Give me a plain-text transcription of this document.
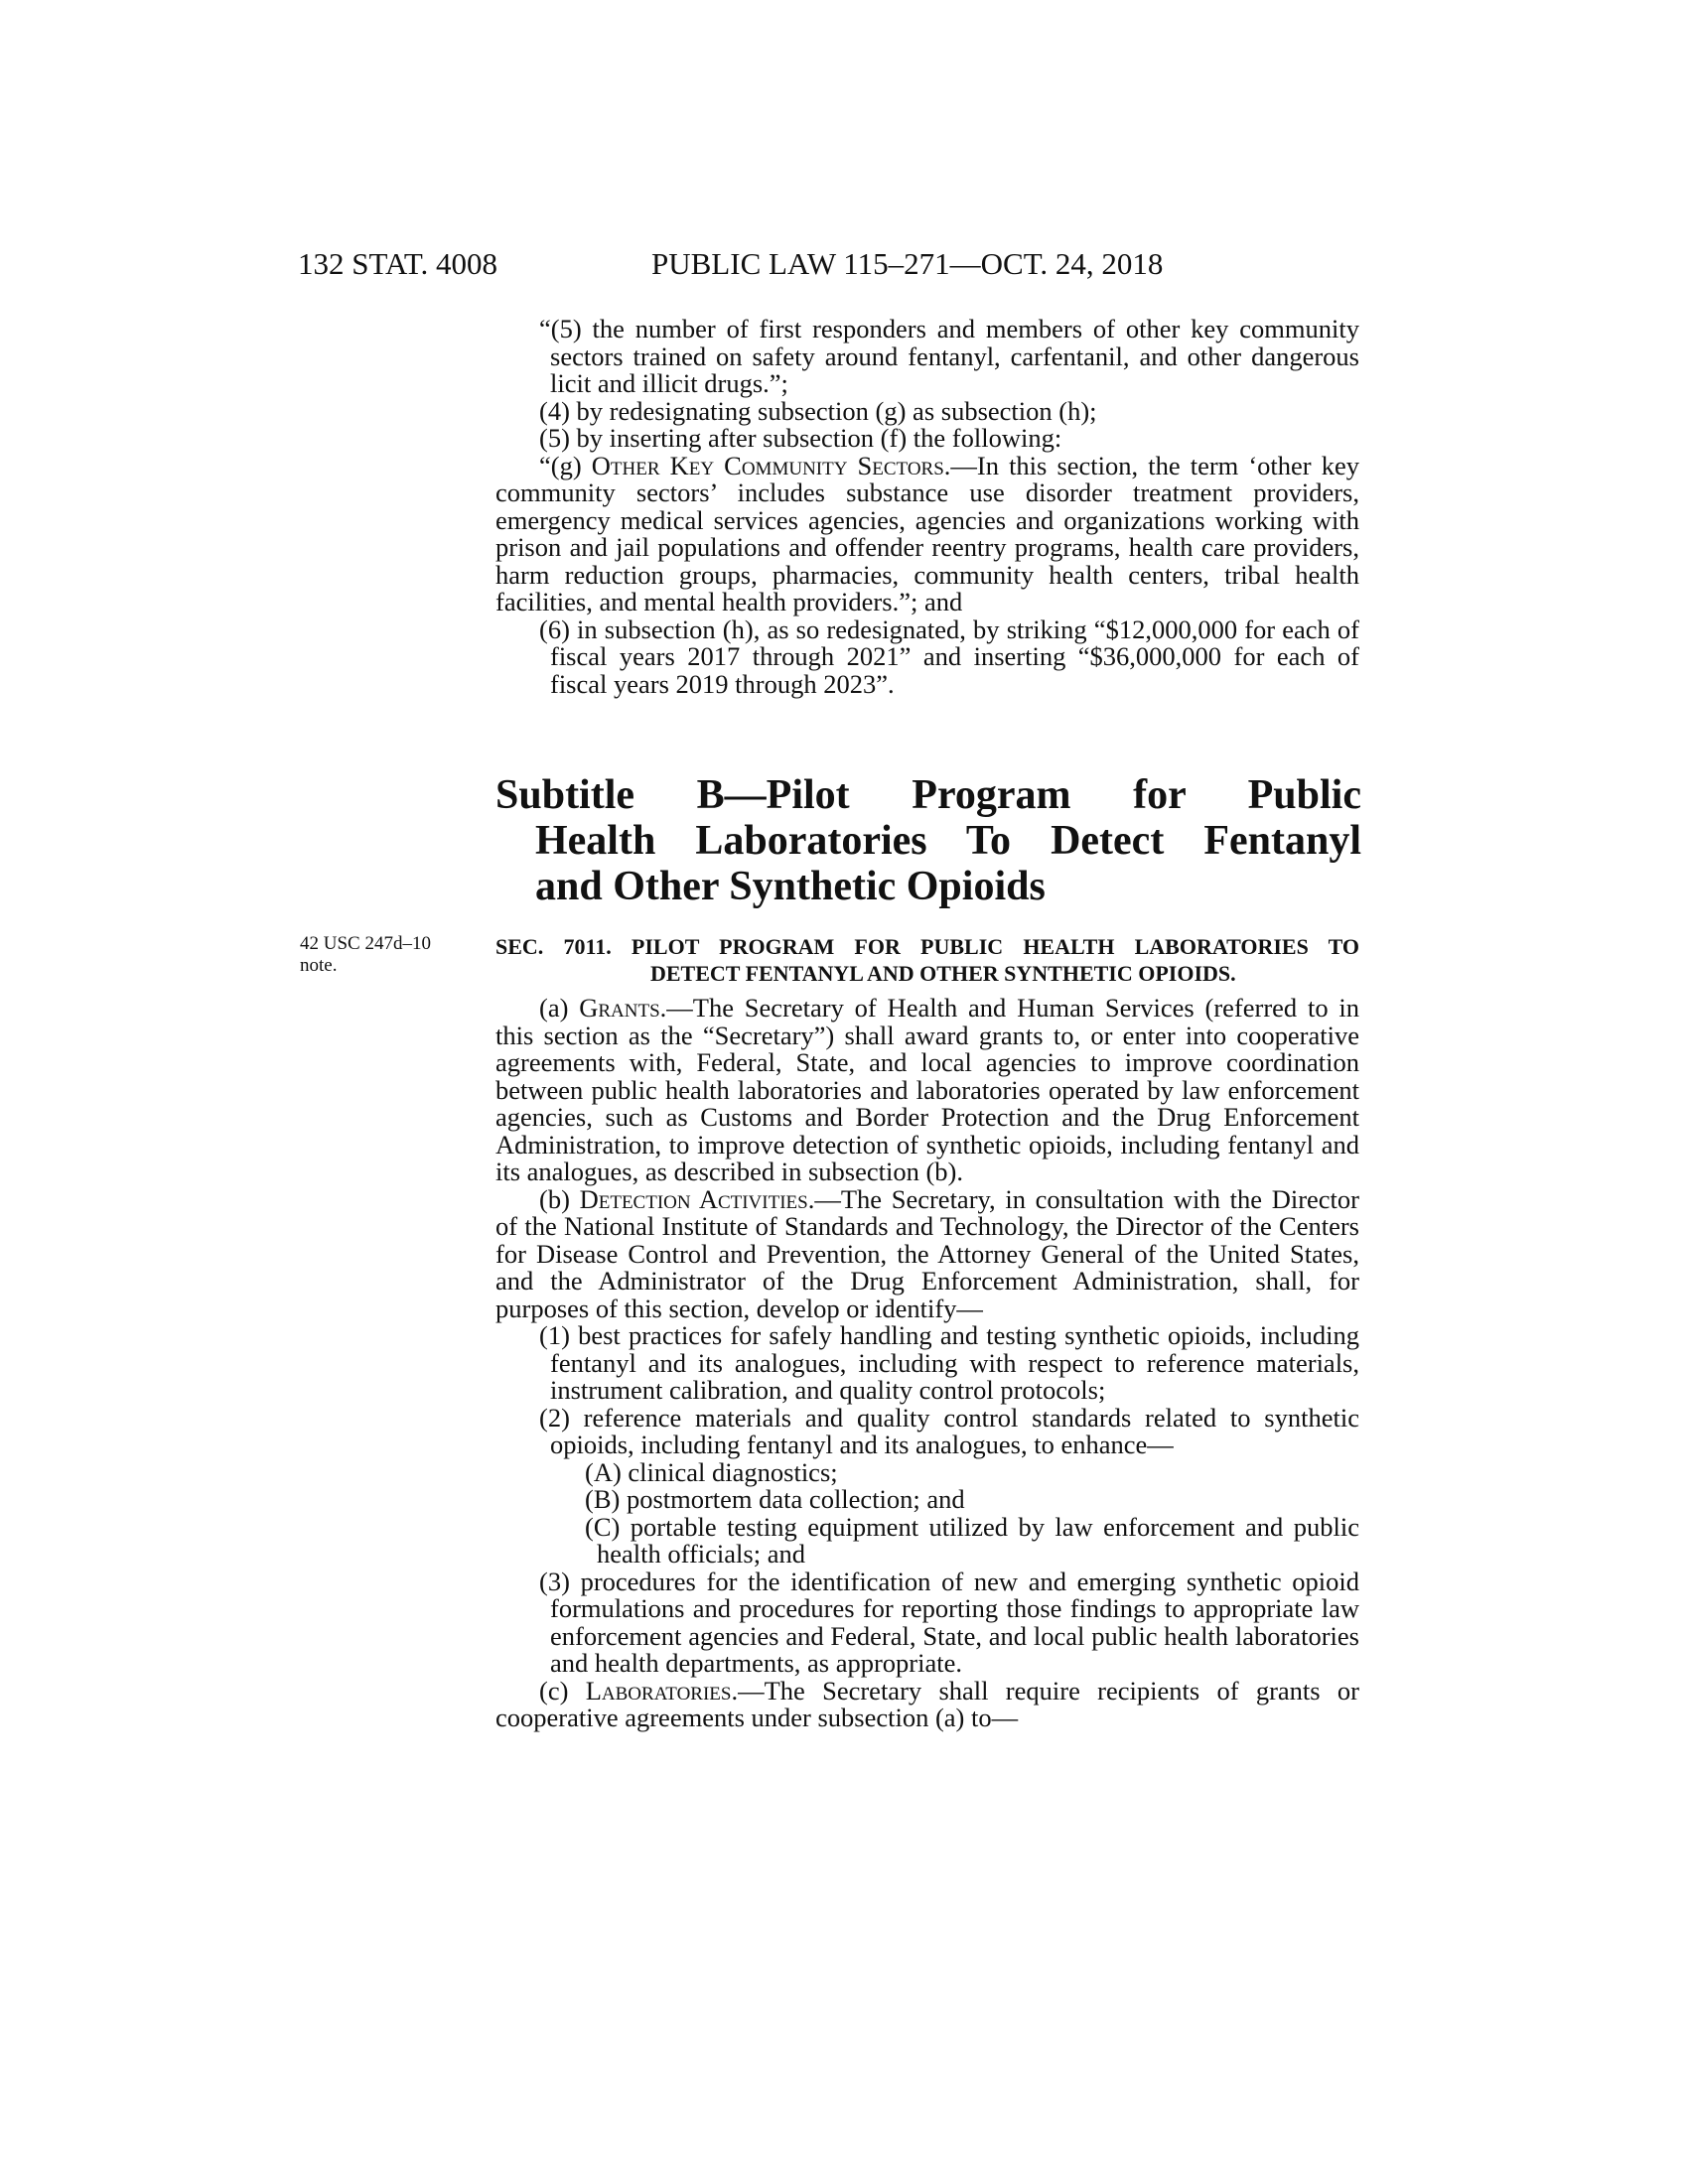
132 STAT. 4008	PUBLIC LAW 115–271—OCT. 24, 2018

“(5) the number of first responders and members of other key community sectors trained on safety around fentanyl, carfentanil, and other dangerous licit and illicit drugs.”;

(4) by redesignating subsection (g) as subsection (h);

(5) by inserting after subsection (f) the following:

“(g) Other Key Community Sectors.—In this section, the term ‘other key community sectors’ includes substance use disorder treatment providers, emergency medical services agencies, agencies and organizations working with prison and jail populations and offender reentry programs, health care providers, harm reduction groups, pharmacies, community health centers, tribal health facilities, and mental health providers.”; and

(6) in subsection (h), as so redesignated, by striking “$12,000,000 for each of fiscal years 2017 through 2021” and inserting “$36,000,000 for each of fiscal years 2019 through 2023”.

Subtitle B—Pilot Program for Public
Health Laboratories To Detect Fentanyl
and Other Synthetic Opioids
42 USC 247d–10
note.
SEC. 7011. PILOT PROGRAM FOR PUBLIC HEALTH LABORATORIES TO
DETECT FENTANYL AND OTHER SYNTHETIC OPIOIDS.

(a) Grants.—The Secretary of Health and Human Services (referred to in this section as the “Secretary”) shall award grants to, or enter into cooperative agreements with, Federal, State, and local agencies to improve coordination between public health laboratories and laboratories operated by law enforcement agencies, such as Customs and Border Protection and the Drug Enforcement Administration, to improve detection of synthetic opioids, including fentanyl and its analogues, as described in subsection (b).

(b) Detection Activities.—The Secretary, in consultation with the Director of the National Institute of Standards and Technology, the Director of the Centers for Disease Control and Prevention, the Attorney General of the United States, and the Administrator of the Drug Enforcement Administration, shall, for purposes of this section, develop or identify—

(1) best practices for safely handling and testing synthetic opioids, including fentanyl and its analogues, including with respect to reference materials, instrument calibration, and quality control protocols;

(2) reference materials and quality control standards related to synthetic opioids, including fentanyl and its analogues, to enhance—

(A) clinical diagnostics;

(B) postmortem data collection; and

(C) portable testing equipment utilized by law enforcement and public health officials; and

(3) procedures for the identification of new and emerging synthetic opioid formulations and procedures for reporting those findings to appropriate law enforcement agencies and Federal, State, and local public health laboratories and health departments, as appropriate.

(c) Laboratories.—The Secretary shall require recipients of grants or cooperative agreements under subsection (a) to—
